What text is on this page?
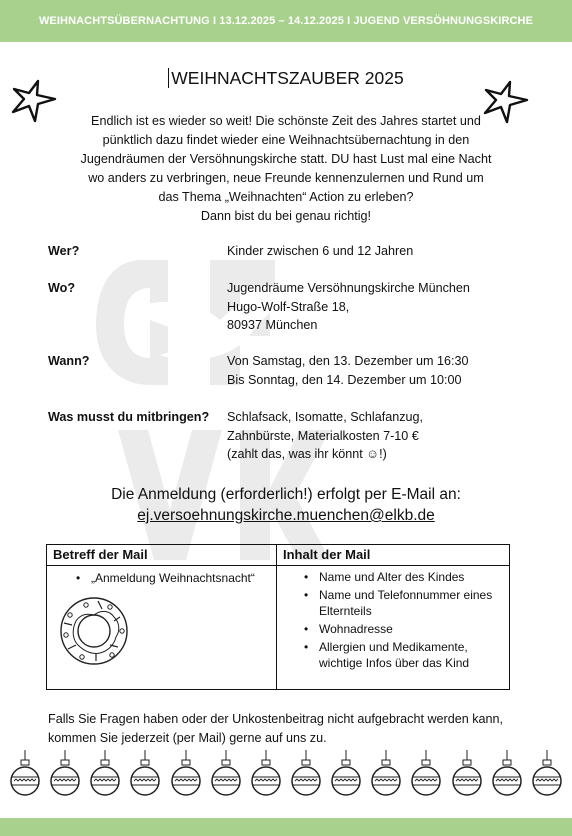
WEIHNACHTSÜBERNACHTUNG I 13.12.2025 – 14.12.2025 I JUGEND VERSÖHNUNGSKIRCHE
WEIHNACHTSZAUBER 2025

Endlich ist es wieder so weit! Die schönste Zeit des Jahres startet und

pünktlich dazu findet wieder eine Weihnachtsübernachtung in den

Jugendräumen der Versöhnungskirche statt. DU hast Lust mal eine Nacht

wo anders zu verbringen, neue Freunde kennenzulernen und Rund um

das Thema „Weihnachten“ Action zu erleben?

Dann bist du bei genau richtig!

Wer?	Kinder zwischen 6 und 12 Jahren
Wo?	Jugendräume Versöhnungskirche München
Hugo-Wolf-Straße 18,
80937 München
Wann?	Von Samstag, den 13. Dezember um 16:30
Bis Sonntag, den 14. Dezember um 10:00
Was musst du mitbringen? Schlafsack, Isomatte, Schlafanzug,
Zahnbürste, Materialkosten 7-10 €
(zahlt das, was ihr könnt ☺!)
Die Anmeldung (erforderlich!) erfolgt per E-Mail an:
ej.versoehnungskirche.muenchen@elkb.de
Betreff der Mail	Inhalt der Mail
• „Anmeldung Weihnachtsnacht“
•	Name und Alter des Kindes
• Name und Telefonnummer eines Elternteils
• Wohnadresse
• Allergien und Medikamente, wichtige Infos über das Kind
Falls Sie Fragen haben oder der Unkostenbeitrag nicht aufgebracht werden kann, kommen Sie jederzeit (per Mail) gerne auf uns zu.
